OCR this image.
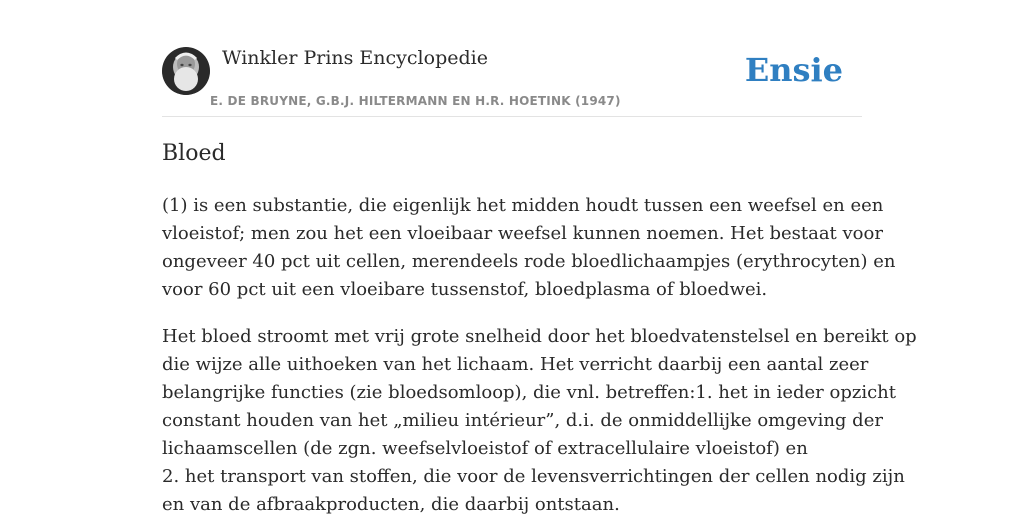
Winkler Prins Encyclopedie
E. DE BRUYNE, G.B.J. HILTERMANN EN H.R. HOETINK (1947)
Ensie
Bloed

(1) is een substantie, die eigenlijk het midden houdt tussen een weefsel en een
vloeistof; men zou het een vloeibaar weefsel kunnen noemen. Het bestaat voor
ongeveer 40 pct uit cellen, merendeels rode bloedlichaampjes (erythrocyten) en
voor 60 pct uit een vloeibare tussenstof, bloedplasma of bloedwei.

Het bloed stroomt met vrij grote snelheid door het bloedvatenstelsel en bereikt op
die wijze alle uithoeken van het lichaam. Het verricht daarbij een aantal zeer
belangrijke functies (zie bloedsomloop), die vnl. betreffen:1. het in ieder opzicht
constant houden van het „milieu intérieur”, d.i. de onmiddellijke omgeving der
lichaamscellen (de zgn. weefselvloeistof of extracellulaire vloeistof) en
2. het transport van stoffen, die voor de levensverrichtingen der cellen nodig zijn
en van de afbraakproducten, die daarbij ontstaan.
